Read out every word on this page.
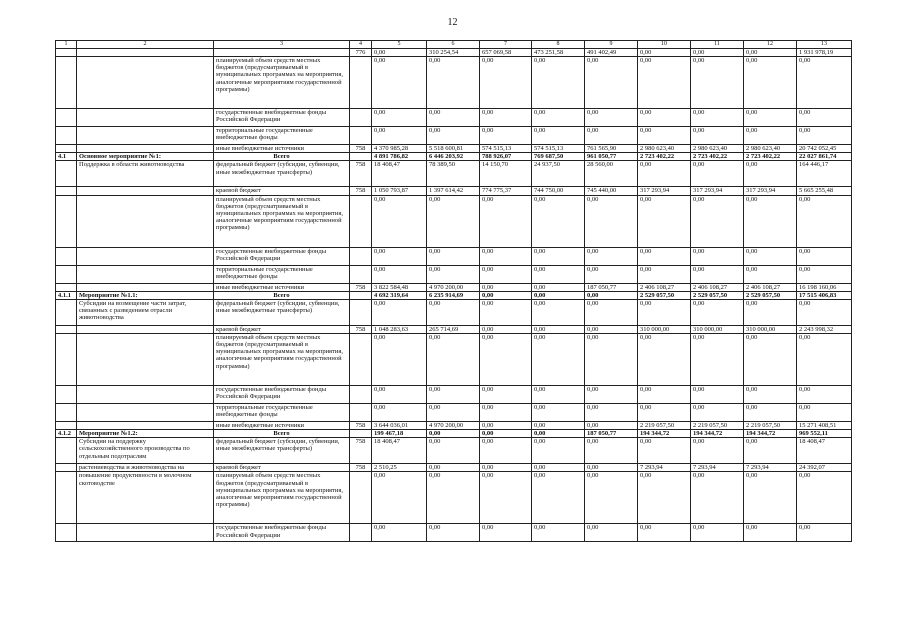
12
1	2	3	4	5	6	7	8	9	10	11	12	13
			776	0,00	310 254,54	657 069,58	473 251,58	491 402,49	0,00	0,00	0,00	1 931 978,19
		планируемый объем средств местных бюджетов (предусматриваемый в муниципальных программах на мероприятия, аналогичные мероприятиям государственной программы)		0,00	0,00	0,00	0,00	0,00	0,00	0,00	0,00	0,00
		государственные внебюджетные фонды Российской Федерации		0,00	0,00	0,00	0,00	0,00	0,00	0,00	0,00	0,00
		территориальные государственные внебюджетные фонды		0,00	0,00	0,00	0,00	0,00	0,00	0,00	0,00	0,00
		иные внебюджетные источники	758	4 370 985,28	5 518 600,81	574 515,13	574 515,13	761 565,90	2 980 623,40	2 980 623,40	2 980 623,40	20 742 052,45
4.1	Основное мероприятие №1:	Всего		4 891 786,82	6 446 203,92	788 926,07	769 687,50	961 050,77	2 723 402,22	2 723 402,22	2 723 402,22	22 027 861,74
	Поддержка в области животноводства	федеральный бюджет (субсидии, субвенции, иные межбюджетные трансферты)	758	18 408,47	78 389,50	14 150,70	24 937,50	28 560,00	0,00	0,00	0,00	164 446,17
		краевой бюджет	758	1 050 793,87	1 397 614,42	774 775,37	744 750,00	745 440,00	317 293,94	317 293,94	317 293,94	5 665 255,48
		планируемый объем средств местных бюджетов (предусматриваемый в муниципальных программах на мероприятия, аналогичные мероприятиям государственной программы)		0,00	0,00	0,00	0,00	0,00	0,00	0,00	0,00	0,00
		государственные внебюджетные фонды Российской Федерации		0,00	0,00	0,00	0,00	0,00	0,00	0,00	0,00	0,00
		территориальные государственные внебюджетные фонды		0,00	0,00	0,00	0,00	0,00	0,00	0,00	0,00	0,00
		иные внебюджетные источники	758	3 822 584,48	4 970 200,00	0,00	0,00	187 050,77	2 406 108,27	2 406 108,27	2 406 108,27	16 198 160,06
4.1.1	Мероприятие №1.1:	Всего		4 692 319,64	6 235 914,69	0,00	0,00	0,00	2 529 057,50	2 529 057,50	2 529 057,50	17 515 406,83
	Субсидии на возмещение части затрат, связанных с разведением отрасли животноводства	федеральный бюджет (субсидии, субвенции, иные межбюджетные трансферты)		0,00	0,00	0,00	0,00	0,00	0,00	0,00	0,00	0,00
		краевой бюджет	758	1 048 283,63	265 714,69	0,00	0,00	0,00	310 000,00	310 000,00	310 000,00	2 243 998,32
		планируемый объем средств местных бюджетов (предусматриваемый в муниципальных программах на мероприятия, аналогичные мероприятиям государственной программы)		0,00	0,00	0,00	0,00	0,00	0,00	0,00	0,00	0,00
		государственные внебюджетные фонды Российской Федерации		0,00	0,00	0,00	0,00	0,00	0,00	0,00	0,00	0,00
		территориальные государственные внебюджетные фонды		0,00	0,00	0,00	0,00	0,00	0,00	0,00	0,00	0,00
		иные внебюджетные источники	758	3 644 036,01	4 970 200,00	0,00	0,00	0,00	2 219 057,50	2 219 057,50	2 219 057,50	15 271 408,51
4.1.2	Мероприятие №1.2:	Всего		199 467,18	0,00	0,00	0,00	187 050,77	194 344,72	194 344,72	194 344,72	969 552,11
	Субсидии на поддержку сельскохозяйственного производства по отдельным подотраслям	федеральный бюджет (субсидии, субвенции, иные межбюджетные трансферты)	758	18 408,47	0,00	0,00	0,00	0,00	0,00	0,00	0,00	18 408,47
	растениеводства и животноводства на	краевой бюджет	758	2 510,25	0,00	0,00	0,00	0,00	7 293,94	7 293,94	7 293,94	24 392,07
	повышение продуктивности в молочном скотоводстве	планируемый объем средств местных бюджетов (предусматриваемый в муниципальных программах на мероприятия, аналогичные мероприятиям государственной программы)		0,00	0,00	0,00	0,00	0,00	0,00	0,00	0,00	0,00
		государственные внебюджетные фонды Российской Федерации		0,00	0,00	0,00	0,00	0,00	0,00	0,00	0,00	0,00
